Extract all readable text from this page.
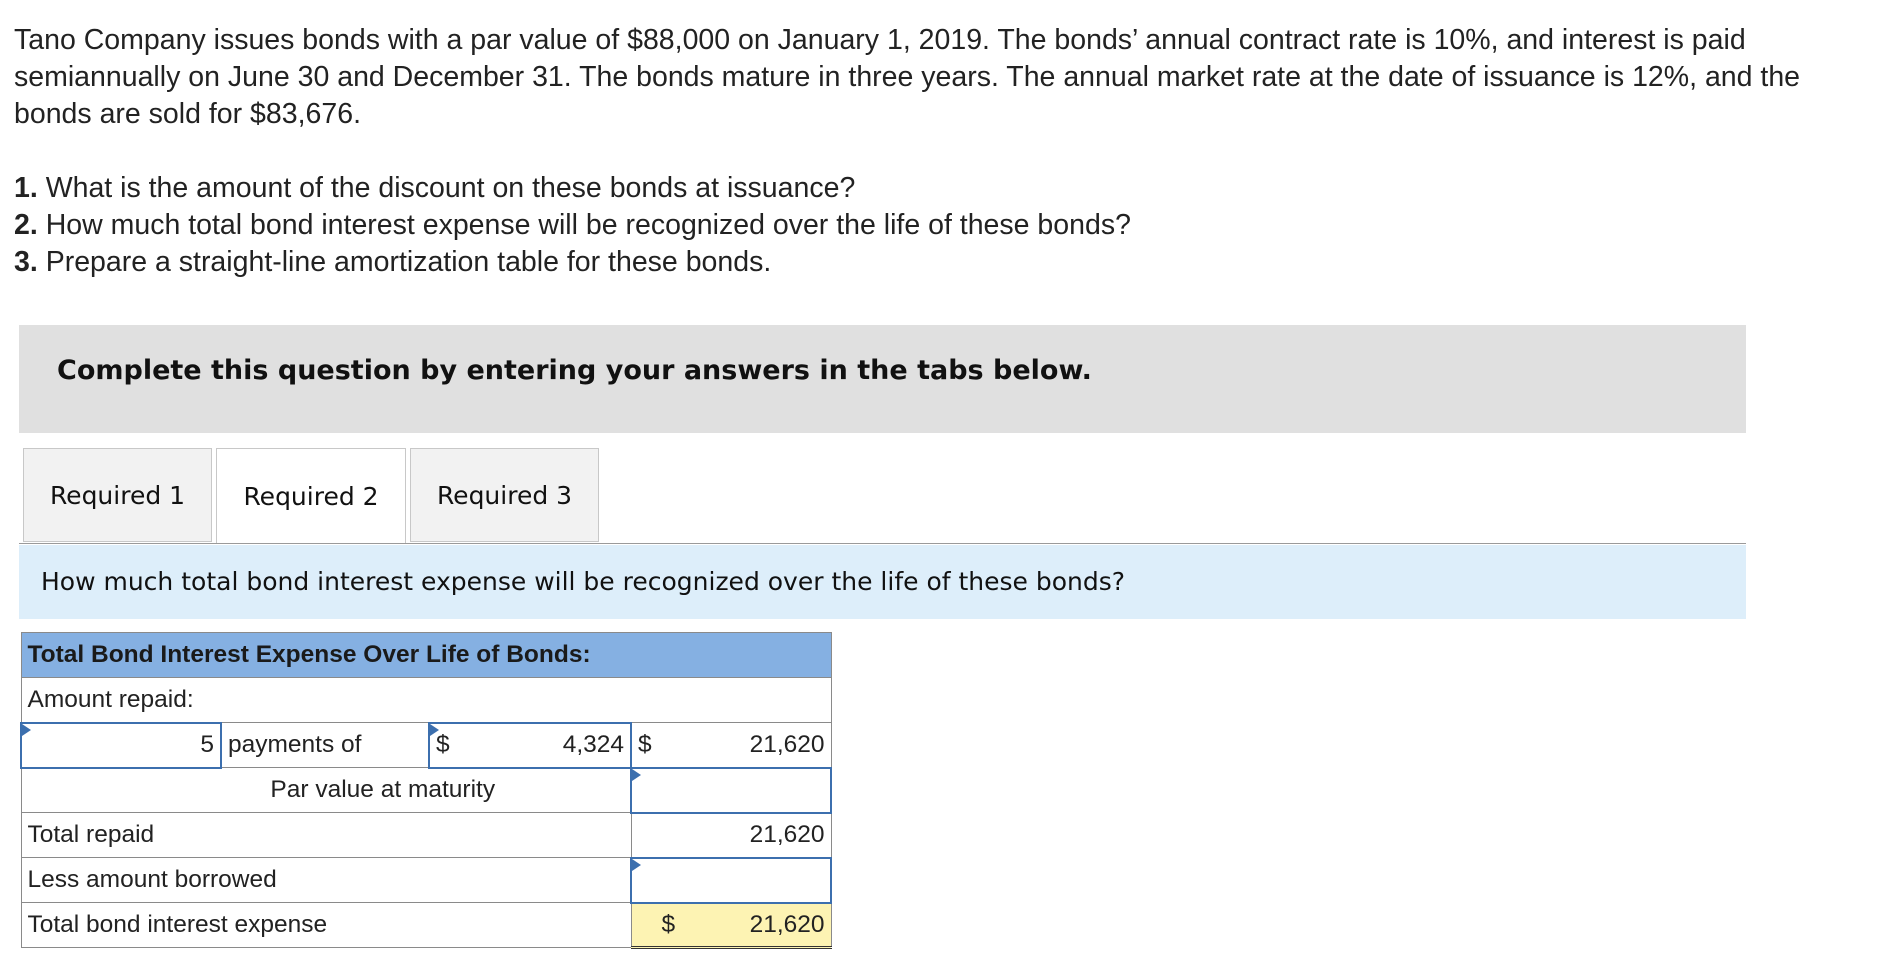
Tano Company issues bonds with a par value of $88,000 on January 1, 2019. The bonds’ annual contract rate is 10%, and interest is paid semiannually on June 30 and December 31. The bonds mature in three years. The annual market rate at the date of issuance is 12%, and the bonds are sold for $83,676.

1. What is the amount of the discount on these bonds at issuance?
2. How much total bond interest expense will be recognized over the life of these bonds?
3. Prepare a straight-line amortization table for these bonds.
Complete this question by entering your answers in the tabs below.
Required 1	Required 2	Required 3
How much total bond interest expense will be recognized over the life of these bonds?
Total Bond Interest Expense Over Life of Bonds:			
Amount repaid:			
5	payments of	$ 4,324	$ 21,620

Par value at maturity			
Total repaid			21,620
Less amount borrowed			
Total bond interest expense			$ 21,620
